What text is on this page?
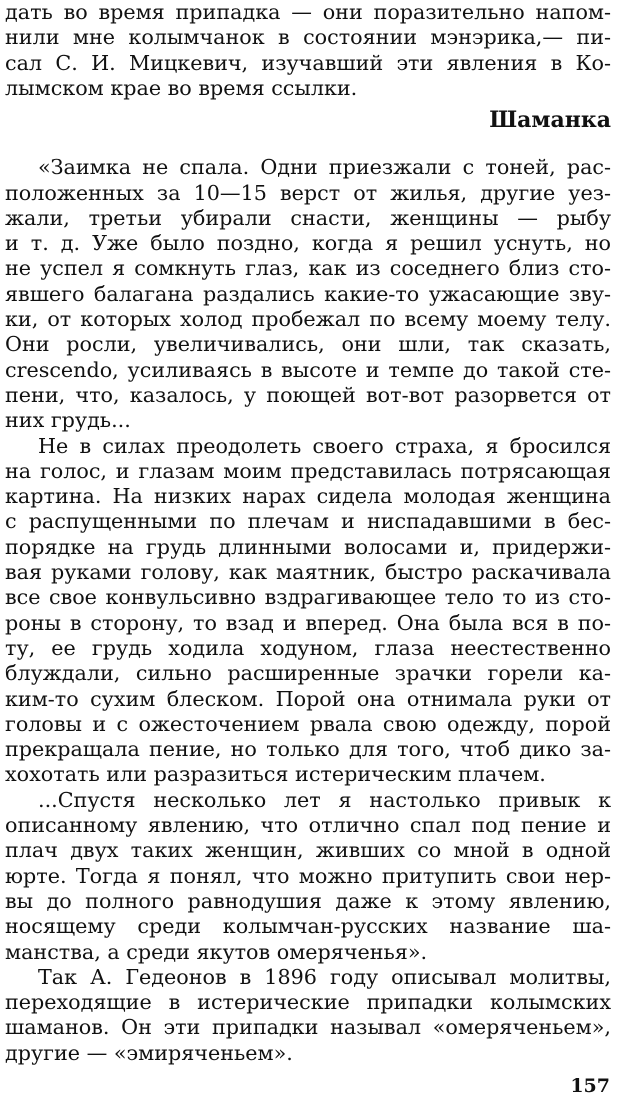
дать во время припадка — они поразительно напом-
нили мне колымчанок в состоянии мэнэрика,— пи-
сал С. И. Мицкевич, изучавший эти явления в Ко-
лымском крае во время ссылки.
Шаманка
«Заимка не спала. Одни приезжали с тоней, рас-
положенных за 10—15 верст от жилья, другие уез-
жали, третьи убирали снасти, женщины — рыбу
и т. д. Уже было поздно, когда я решил уснуть, но
не успел я сомкнуть глаз, как из соседнего близ сто-
явшего балагана раздались какие-то ужасающие зву-
ки, от которых холод пробежал по всему моему телу.
Они росли, увеличивались, они шли, так сказать,
crescendo, усиливаясь в высоте и темпе до такой сте-
пени, что, казалось, у поющей вот-вот разорвется от
них грудь...
Не в силах преодолеть своего страха, я бросился
на голос, и глазам моим представилась потрясающая
картина. На низких нарах сидела молодая женщина
с распущенными по плечам и ниспадавшими в бес-
порядке на грудь длинными волосами и, придержи-
вая руками голову, как маятник, быстро раскачивала
все свое конвульсивно вздрагивающее тело то из сто-
роны в сторону, то взад и вперед. Она была вся в по-
ту, ее грудь ходила ходуном, глаза неестественно
блуждали, сильно расширенные зрачки горели ка-
ким-то сухим блеском. Порой она отнимала руки от
головы и с ожесточением рвала свою одежду, порой
прекращала пение, но только для того, чтоб дико за-
хохотать или разразиться истерическим плачем.
...Спустя несколько лет я настолько привык к
описанному явлению, что отлично спал под пение и
плач двух таких женщин, живших со мной в одной
юрте. Тогда я понял, что можно притупить свои нер-
вы до полного равнодушия даже к этому явлению,
носящему среди колымчан-русских название ша-
манства, а среди якутов омеряченья».
Так А. Гедеонов в 1896 году описывал молитвы,
переходящие в истерические припадки колымских
шаманов. Он эти припадки называл «омеряченьем»,
другие — «эмиряченьем».
157
